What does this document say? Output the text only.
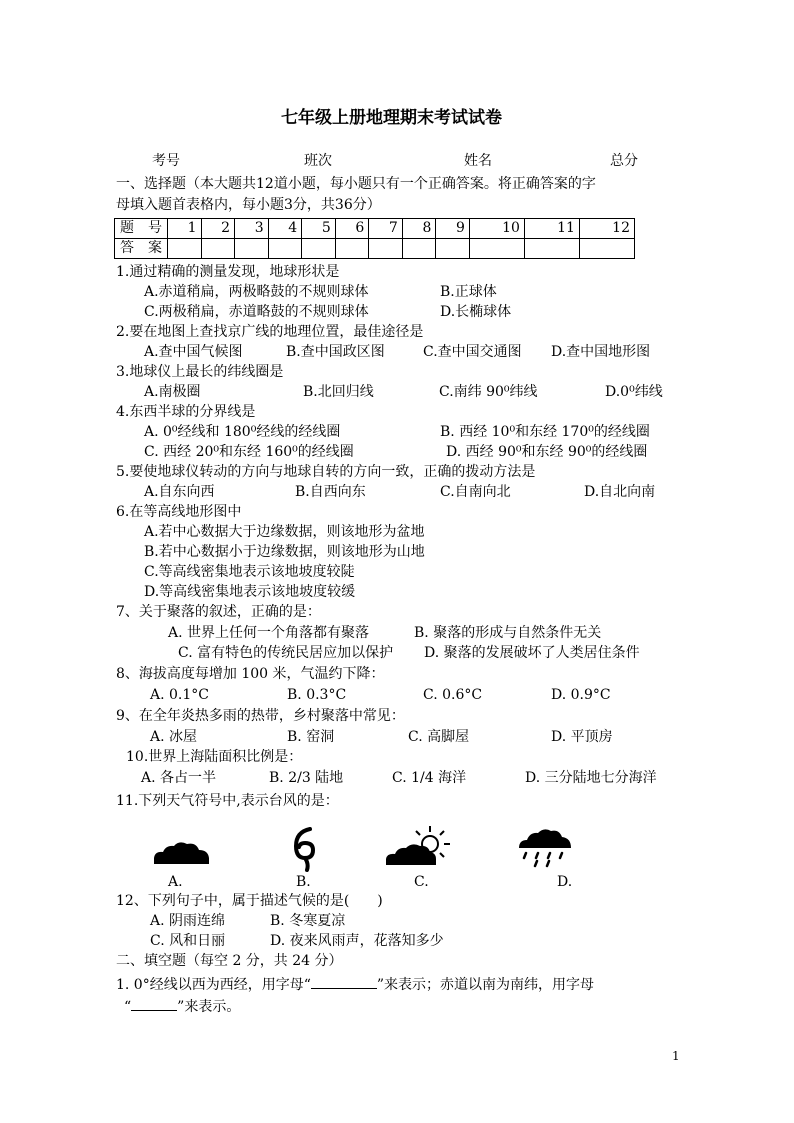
七年级上册地理期末考试试卷
考号	班次	姓名	总分
一、选择题（本大题共12道小题，每小题只有一个正确答案。将正确答案的字
母填入题首表格内，每小题3分，共36分）
题　号	1	2	3	4	5	6	7	8	9	10	11	12
答　案												
1.通过精确的测量发现，地球形状是
A.赤道稍扁，两极略鼓的不规则球体	B.正球体
C.两极稍扁，赤道略鼓的不规则球体	D.长椭球体
2.要在地图上查找京广线的地理位置，最佳途径是
A.查中国气候图	B.查中国政区图	C.查中国交通图 D.查中国地形图
3.地球仪上最长的纬线圈是
A.南极圈	B.北回归线	C.南纬 90⁰纬线	D.0⁰纬线
4.东西半球的分界线是
A. 0⁰经线和 180⁰经线的经线圈	B. 西经 10⁰和东经 170⁰的经线圈
C. 西经 20⁰和东经 160⁰的经线圈	D. 西经 90⁰和东经 90⁰的经线圈
5.要使地球仪转动的方向与地球自转的方向一致，正确的拨动方法是
A.自东向西	B.自西向东	C.自南向北	D.自北向南
6.在等高线地形图中
A.若中心数据大于边缘数据，则该地形为盆地
B.若中心数据小于边缘数据，则该地形为山地
C.等高线密集地表示该地坡度较陡
D.等高线密集地表示该地坡度较缓
7、关于聚落的叙述，正确的是：
A. 世界上任何一个角落都有聚落	B. 聚落的形成与自然条件无关
C. 富有特色的传统民居应加以保护 D. 聚落的发展破坏了人类居住条件
8、海拔高度每增加 100 米，气温约下降：
A. 0.1°C	B. 0.3°C	C. 0.6°C	D. 0.9°C
9、在全年炎热多雨的热带，乡村聚落中常见：
A. 冰屋	B. 窑洞	C. 高脚屋	D. 平顶房
10.世界上海陆面积比例是：
A. 各占一半	B. 2/3 陆地	C. 1/4 海洋	D. 三分陆地七分海洋
11.下列天气符号中,表示台风的是：
A.	B.	C.	D.
12、下列句子中，属于描述气候的是(　　)
A. 阴雨连绵	B. 冬寒夏凉
C. 风和日丽	D. 夜来风雨声，花落知多少
二、填空题（每空 2 分，共 24 分）
1. 0°经线以西为西经，用字母“	”来表示；赤道以南为南纬，用字母
“	”来表示。
1
